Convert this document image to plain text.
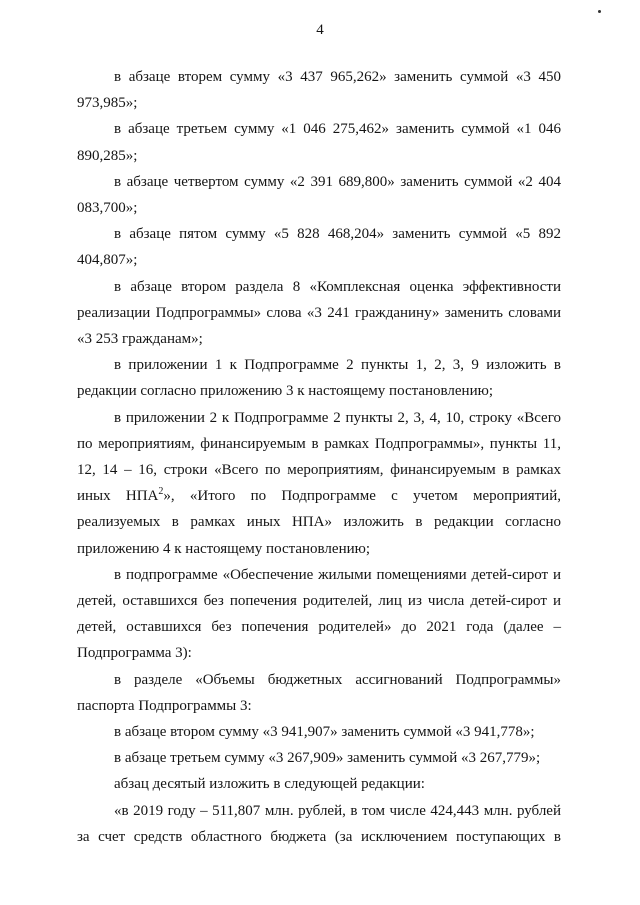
4

в абзаце вторем сумму «3 437 965,262» заменить суммой «3 450 973,985»;

в абзаце третьем сумму «1 046 275,462» заменить суммой «1 046 890,285»;

в абзаце четвертом сумму «2 391 689,800» заменить суммой «2 404 083,700»;

в абзаце пятом сумму «5 828 468,204» заменить суммой «5 892 404,807»;

в абзаце втором раздела 8 «Комплексная оценка эффективности реализации Подпрограммы» слова «3 241 гражданину» заменить словами «3 253 гражданам»;

в приложении 1 к Подпрограмме 2 пункты 1, 2, 3, 9 изложить в редакции согласно приложению 3 к настоящему постановлению;

в приложении 2 к Подпрограмме 2 пункты 2, 3, 4, 10, строку «Всего по мероприятиям, финансируемым в рамках Подпрограммы», пункты 11, 12, 14 – 16, строки «Всего по мероприятиям, финансируемым в рамках иных НПА$^2$», «Итого по Подпрограмме с учетом мероприятий, реализуемых в рамках иных НПА» изложить в редакции согласно приложению 4 к настоящему постановлению;

в подпрограмме «Обеспечение жилыми помещениями детей-сирот и детей, оставшихся без попечения родителей, лиц из числа детей-сирот и детей, оставшихся без попечения родителей» до 2021 года (далее – Подпрограмма 3):

в разделе «Объемы бюджетных ассигнований Подпрограммы» паспорта Подпрограммы 3:

в абзаце втором сумму «3 941,907» заменить суммой «3 941,778»;

в абзаце третьем сумму «3 267,909» заменить суммой «3 267,779»;

абзац десятый изложить в следующей редакции:

«в 2019 году – 511,807 млн. рублей, в том числе 424,443 млн. рублей за счет средств областного бюджета (за исключением поступающих в
